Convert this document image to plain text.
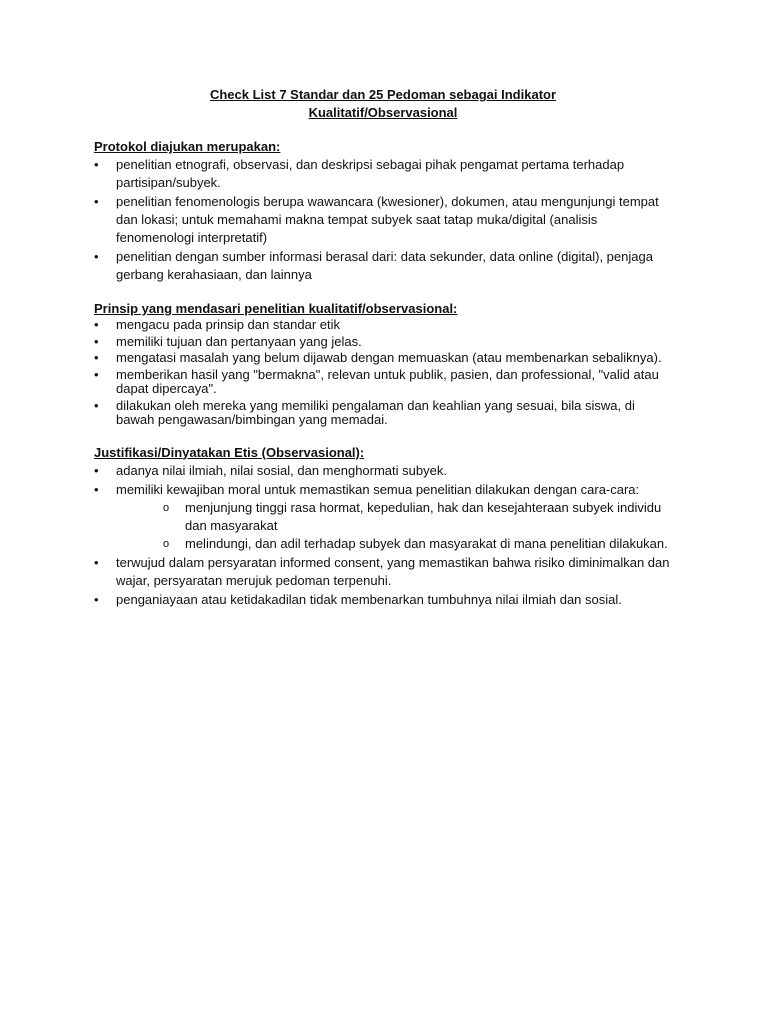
Check List 7 Standar dan 25 Pedoman sebagai Indikator
Kualitatif/Observasional

Protokol diajukan merupakan:

• penelitian etnografi, observasi, dan deskripsi sebagai pihak pengamat pertama terhadap partisipan/subyek.
• penelitian fenomenologis berupa wawancara (kwesioner), dokumen, atau mengunjungi tempat dan lokasi; untuk memahami makna tempat subyek saat tatap muka/digital (analisis fenomenologi interpretatif)
• penelitian dengan sumber informasi berasal dari: data sekunder, data online (digital), penjaga gerbang kerahasiaan, dan lainnya

Prinsip yang mendasari penelitian kualitatif/observasional:

• mengacu pada prinsip dan standar etik
• memiliki tujuan dan pertanyaan yang jelas.
• mengatasi masalah yang belum dijawab dengan memuaskan (atau membenarkan sebaliknya).
• memberikan hasil yang "bermakna", relevan untuk publik, pasien, dan professional, "valid atau dapat dipercaya".
• dilakukan oleh mereka yang memiliki pengalaman dan keahlian yang sesuai, bila siswa, di bawah pengawasan/bimbingan yang memadai.

Justifikasi/Dinyatakan Etis (Observasional):

• adanya nilai ilmiah, nilai sosial, dan menghormati subyek.
• memiliki kewajiban moral untuk memastikan semua penelitian dilakukan dengan cara-cara:
o menjunjung tinggi rasa hormat, kepedulian, hak dan kesejahteraan subyek individu dan masyarakat
o melindungi, dan adil terhadap subyek dan masyarakat di mana penelitian dilakukan.
• terwujud dalam persyaratan informed consent, yang memastikan bahwa risiko diminimalkan dan wajar, persyaratan merujuk pedoman terpenuhi.
• penganiayaan atau ketidakadilan tidak membenarkan tumbuhnya nilai ilmiah dan sosial.
